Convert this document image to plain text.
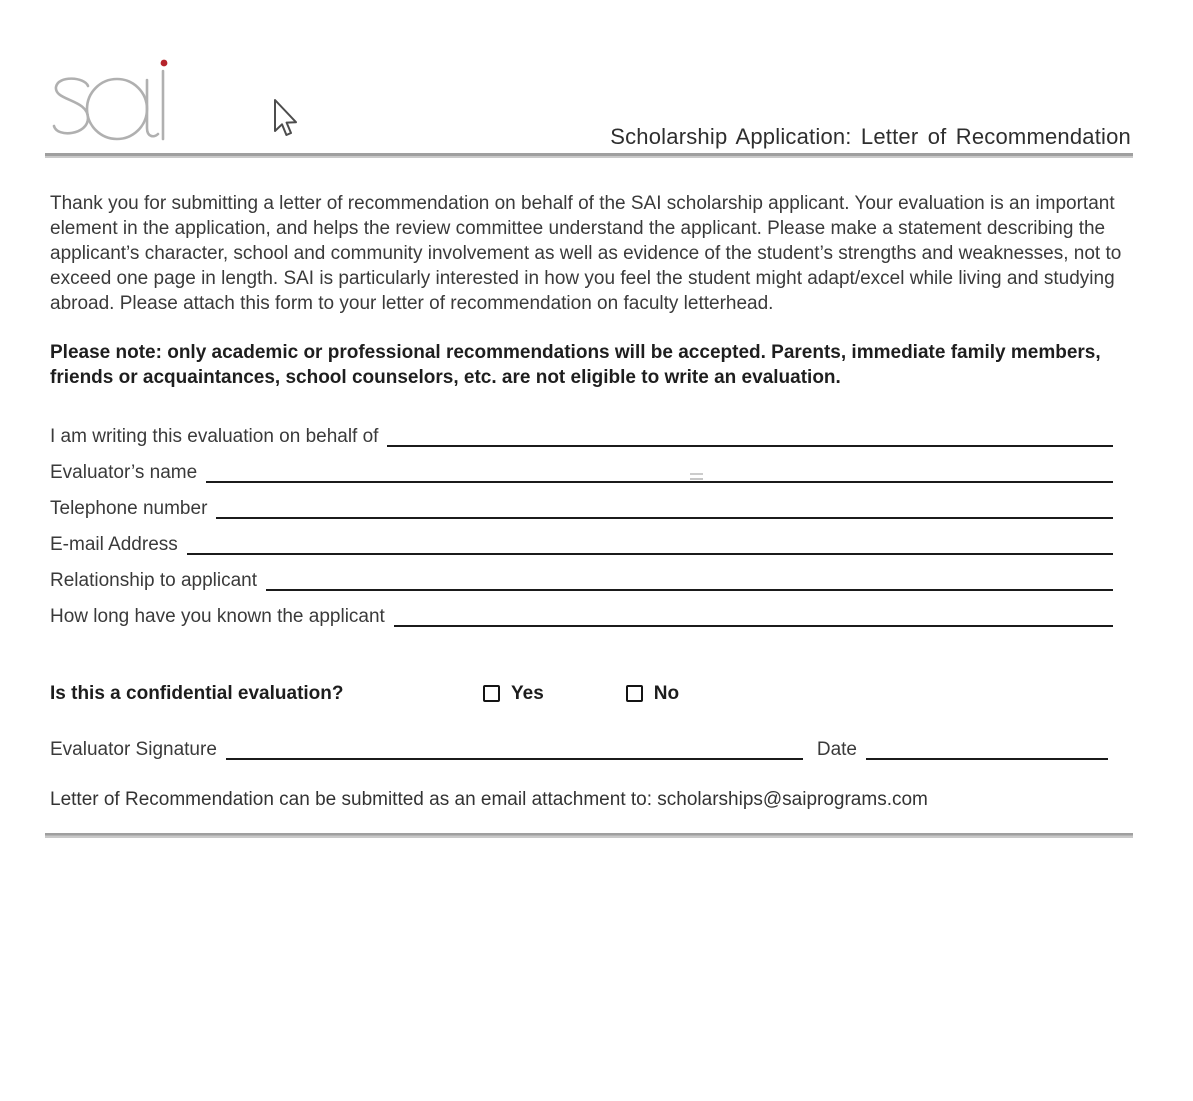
Scholarship Application: Letter of Recommendation

Thank you for submitting a letter of recommendation on behalf of the SAI scholarship applicant. Your evaluation is an important element in the application, and helps the review committee understand the applicant. Please make a statement describing the applicant’s character, school and community involvement as well as evidence of the student’s strengths and weaknesses, not to exceed one page in length. SAI is particularly interested in how you feel the student might adapt/excel while living and studying abroad. Please attach this form to your letter of recommendation on faculty letterhead.

Please note: only academic or professional recommendations will be accepted. Parents, immediate family members, friends or acquaintances, school counselors, etc. are not eligible to write an evaluation.

I am writing this evaluation on behalf of
Evaluator’s name
Telephone number
E-mail Address
Relationship to applicant
How long have you known the applicant
Is this a confidential evaluation?	Yes	No
Evaluator Signature	Date

Letter of Recommendation can be submitted as an email attachment to: scholarships@saiprograms.com
